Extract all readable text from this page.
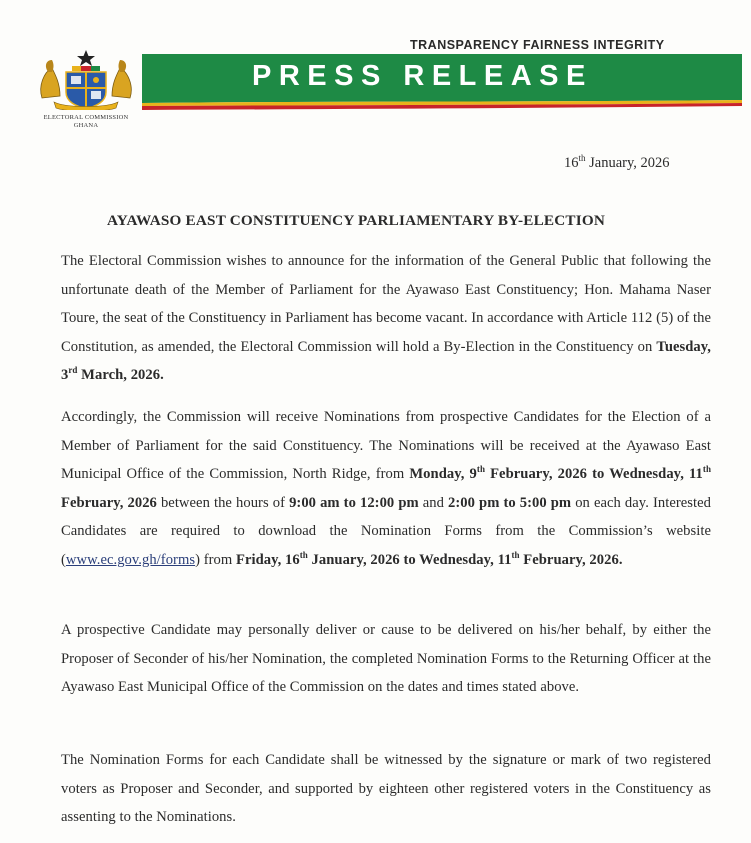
ELECTORAL COMMISSION
GHANA
TRANSPARENCY FAIRNESS INTEGRITY
PRESS RELEASE
16th January, 2026
AYAWASO EAST CONSTITUENCY PARLIAMENTARY BY-ELECTION
The Electoral Commission wishes to announce for the information of the General Public that following the unfortunate death of the Member of Parliament for the Ayawaso East Constituency; Hon. Mahama Naser Toure, the seat of the Constituency in Parliament has become vacant. In accordance with Article 112 (5) of the Constitution, as amended, the Electoral Commission will hold a By-Election in the Constituency on Tuesday, 3rd March, 2026.
Accordingly, the Commission will receive Nominations from prospective Candidates for the Election of a Member of Parliament for the said Constituency. The Nominations will be received at the Ayawaso East Municipal Office of the Commission, North Ridge, from Monday, 9th February, 2026 to Wednesday, 11th February, 2026 between the hours of 9:00 am to 12:00 pm and 2:00 pm to 5:00 pm on each day. Interested Candidates are required to download the Nomination Forms from the Commission’s website (www.ec.gov.gh/forms) from Friday, 16th January, 2026 to Wednesday, 11th February, 2026.
A prospective Candidate may personally deliver or cause to be delivered on his/her behalf, by either the Proposer of Seconder of his/her Nomination, the completed Nomination Forms to the Returning Officer at the Ayawaso East Municipal Office of the Commission on the dates and times stated above.
The Nomination Forms for each Candidate shall be witnessed by the signature or mark of two registered voters as Proposer and Seconder, and supported by eighteen other registered voters in the Constituency as assenting to the Nominations.
